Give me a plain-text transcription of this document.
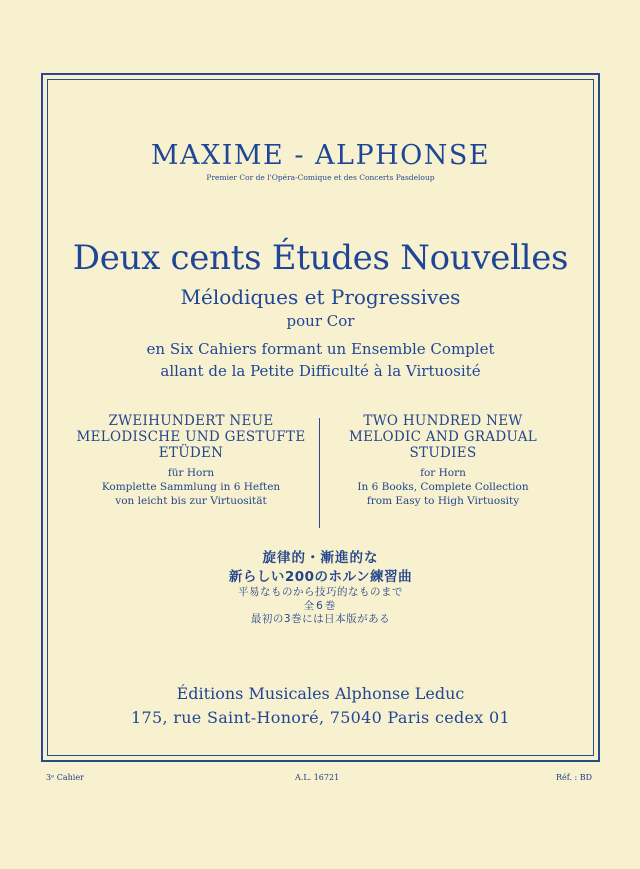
MAXIME - ALPHONSE
Premier Cor de l'Opéra-Comique et des Concerts Pasdeloup
Deux cents Études Nouvelles
Mélodiques et Progressives
pour Cor
en Six Cahiers formant un Ensemble Complet
allant de la Petite Difficulté à la Virtuosité
ZWEIHUNDERT NEUE
MELODISCHE UND GESTUFTE
ETÜDEN
für Horn
Komplette Sammlung in 6 Heften
von leicht bis zur Virtuosität
TWO HUNDRED NEW
MELODIC AND GRADUAL
STUDIES
for Horn
In 6 Books, Complete Collection
from Easy to High Virtuosity
旋律的・漸進的な
新らしい200のホルン練習曲
平易なものから技巧的なものまで
全6巻
最初の3巻には日本版がある
Éditions Musicales Alphonse Leduc
175, rue Saint-Honoré, 75040 Paris cedex 01
3ᵉ Cahier	A.L. 16721	Réf. : BD
